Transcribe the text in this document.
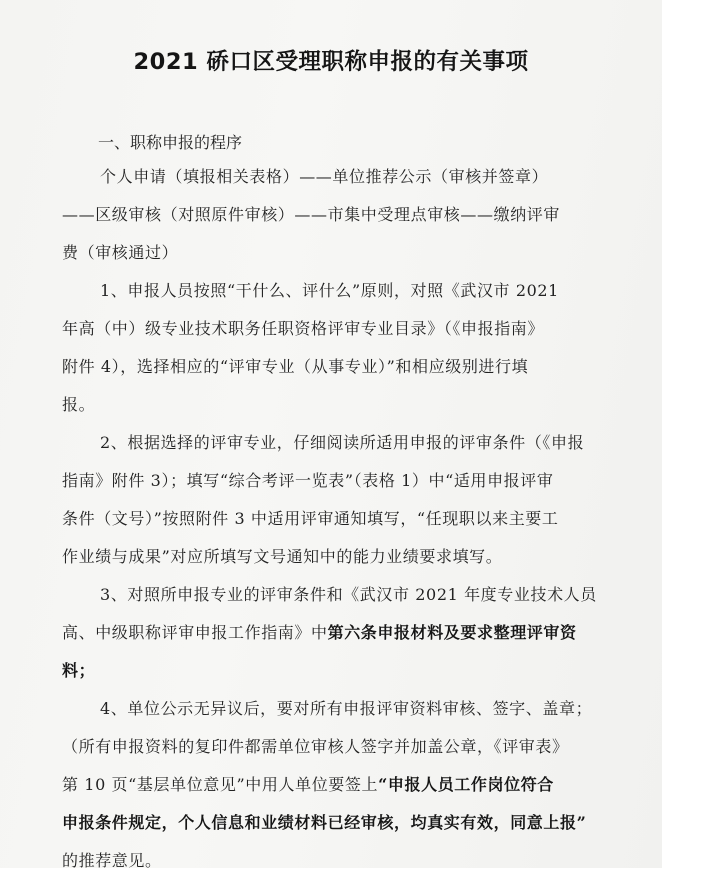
2021 硚口区受理职称申报的有关事项
一、职称申报的程序
个人申请（填报相关表格）——单位推荐公示（审核并签章）
——区级审核（对照原件审核）——市集中受理点审核——缴纳评审
费（审核通过）
1、申报人员按照“干什么、评什么”原则，对照《武汉市 2021
年高（中）级专业技术职务任职资格评审专业目录》（《申报指南》
附件 4），选择相应的“评审专业（从事专业）”和相应级别进行填
报。
2、根据选择的评审专业，仔细阅读所适用申报的评审条件（《申报
指南》附件 3）；填写“综合考评一览表”（表格 1）中“适用申报评审
条件（文号）”按照附件 3 中适用评审通知填写，“任现职以来主要工
作业绩与成果”对应所填写文号通知中的能力业绩要求填写。
3、对照所申报专业的评审条件和《武汉市 2021 年度专业技术人员
高、中级职称评审申报工作指南》中第六条申报材料及要求整理评审资
料；
4、单位公示无异议后，要对所有申报评审资料审核、签字、盖章；
（所有申报资料的复印件都需单位审核人签字并加盖公章，《评审表》
第 10 页“基层单位意见”中用人单位要签上“申报人员工作岗位符合
申报条件规定，个人信息和业绩材料已经审核，均真实有效，同意上报”
的推荐意见。
